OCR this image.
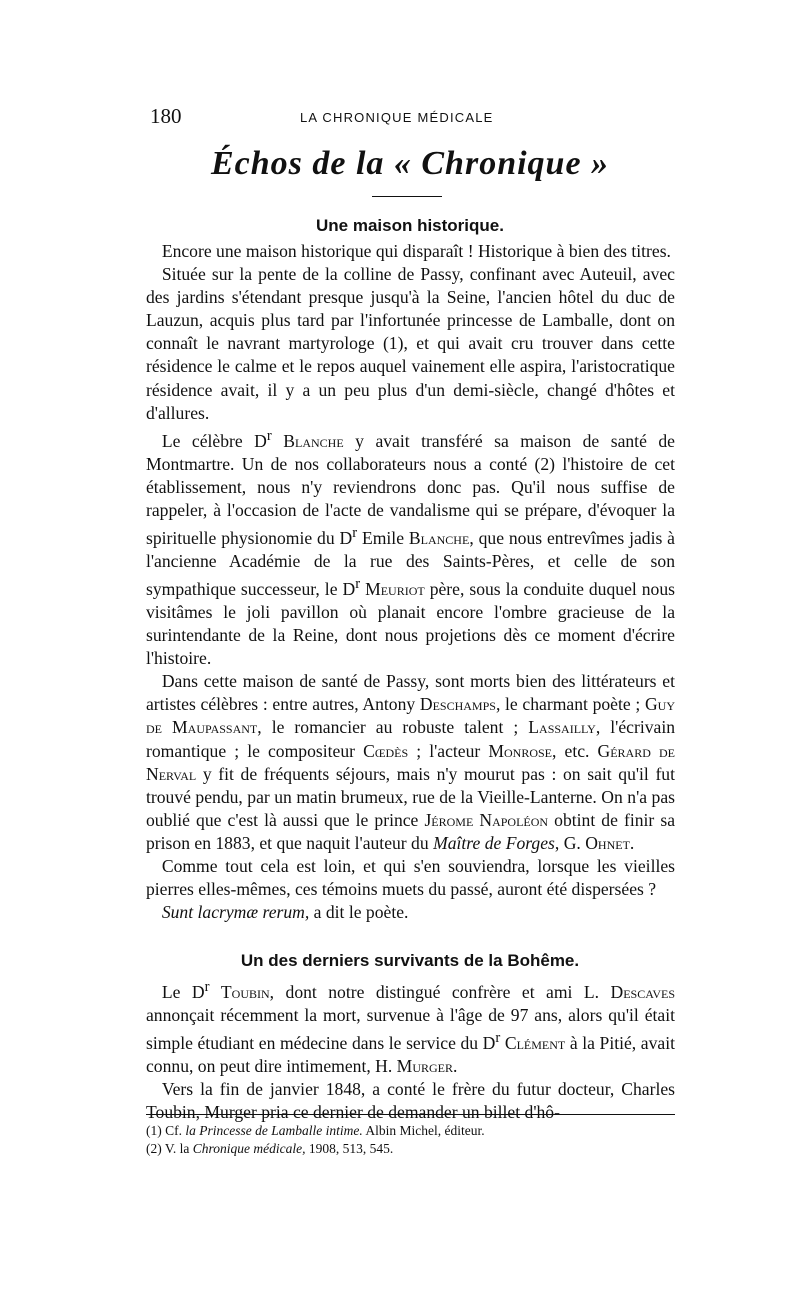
180	LA CHRONIQUE MÉDICALE
Échos de la « Chronique »
Une maison historique.

Encore une maison historique qui disparaît ! Historique à bien des titres.

Située sur la pente de la colline de Passy, confinant avec Auteuil, avec des jardins s'étendant presque jusqu'à la Seine, l'ancien hôtel du duc de Lauzun, acquis plus tard par l'infortunée princesse de Lamballe, dont on connaît le navrant martyrologe (1), et qui avait cru trouver dans cette résidence le calme et le repos auquel vainement elle aspira, l'aristocratique résidence avait, il y a un peu plus d'un demi-siècle, changé d'hôtes et d'allures.

Le célèbre $D^r$ Blanche y avait transféré sa maison de santé de Montmartre. Un de nos collaborateurs nous a conté (2) l'histoire de cet établissement, nous n'y reviendrons donc pas. Qu'il nous suffise de rappeler, à l'occasion de l'acte de vandalisme qui se prépare, d'évoquer la spirituelle physionomie du $D^r$ Emile Blanche, que nous entrevîmes jadis à l'ancienne Académie de la rue des Saints-Pères, et celle de son sympathique successeur, le $D^r$ Meuriot père, sous la conduite duquel nous visitâmes le joli pavillon où planait encore l'ombre gracieuse de la surintendante de la Reine, dont nous projetions dès ce moment d'écrire l'histoire.

Dans cette maison de santé de Passy, sont morts bien des littérateurs et artistes célèbres : entre autres, Antony Deschamps, le charmant poète ; Guy de Maupassant, le romancier au robuste talent ; Lassailly, l'écrivain romantique ; le compositeur Cœdès ; l'acteur Monrose, etc. Gérard de Nerval y fit de fréquents séjours, mais n'y mourut pas : on sait qu'il fut trouvé pendu, par un matin brumeux, rue de la Vieille-Lanterne. On n'a pas oublié que c'est là aussi que le prince Jérome Napoléon obtint de finir sa prison en 1883, et que naquit l'auteur du Maître de Forges, G. Ohnet.

Comme tout cela est loin, et qui s'en souviendra, lorsque les vieilles pierres elles-mêmes, ces témoins muets du passé, auront été dispersées ?

Sunt lacrymæ rerum, a dit le poète.

Un des derniers survivants de la Bohême.

Le $D^r$ Toubin, dont notre distingué confrère et ami L. Descaves annonçait récemment la mort, survenue à l'âge de 97 ans, alors qu'il était simple étudiant en médecine dans le service du $D^r$ Clément à la Pitié, avait connu, on peut dire intimement, H. Murger.

Vers la fin de janvier 1848, a conté le frère du futur docteur, Charles Toubin, Murger pria ce dernier de demander un billet d'hô-

(1) Cf. la Princesse de Lamballe intime. Albin Michel, éditeur.

(2) V. la Chronique médicale, 1908, 513, 545.
